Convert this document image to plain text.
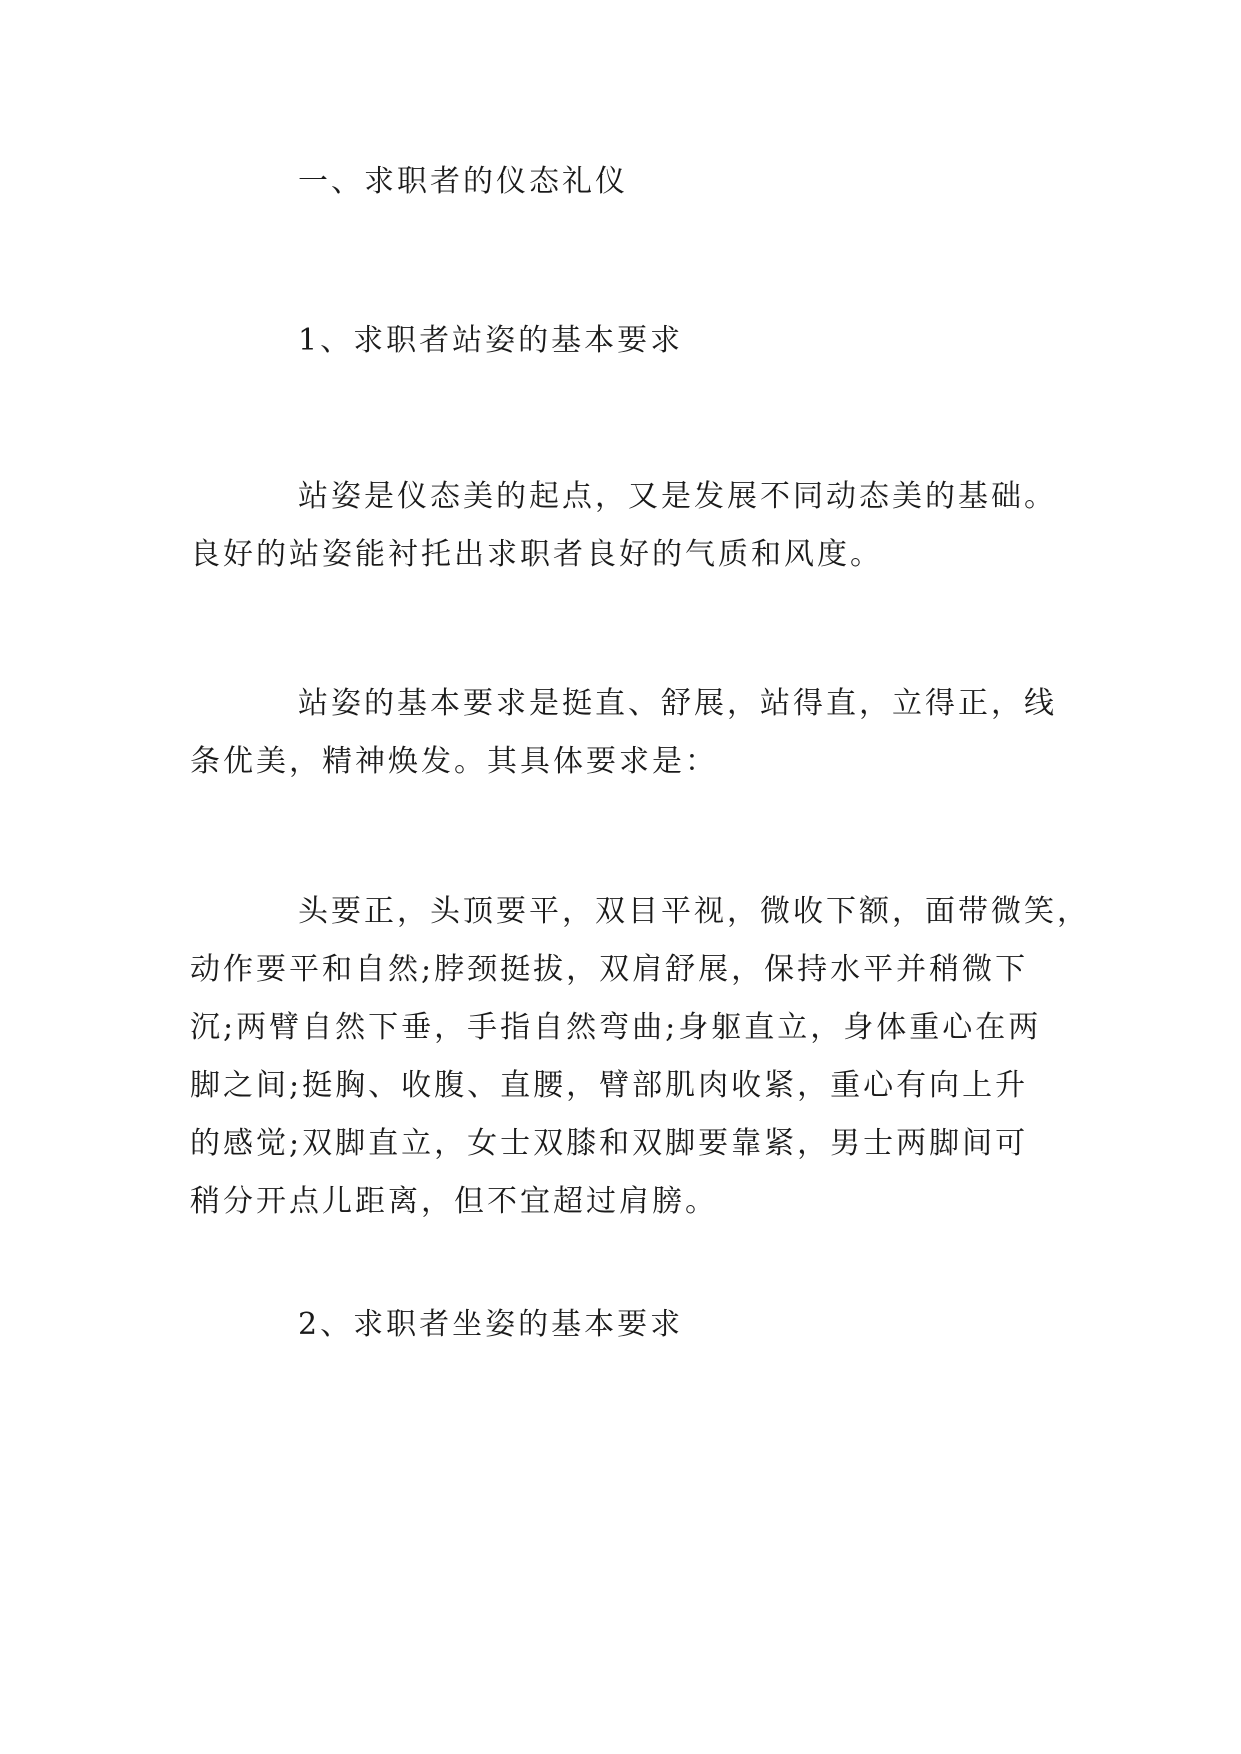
一、求职者的仪态礼仪
1、求职者站姿的基本要求
站姿是仪态美的起点，又是发展不同动态美的基础。
良好的站姿能衬托出求职者良好的气质和风度。
站姿的基本要求是挺直、舒展，站得直，立得正，线
条优美，精神焕发。其具体要求是：
头要正，头顶要平，双目平视，微收下额，面带微笑，
动作要平和自然;脖颈挺拔，双肩舒展，保持水平并稍微下
沉;两臂自然下垂，手指自然弯曲;身躯直立，身体重心在两
脚之间;挺胸、收腹、直腰，臂部肌肉收紧，重心有向上升
的感觉;双脚直立，女士双膝和双脚要靠紧，男士两脚间可
稍分开点儿距离，但不宜超过肩膀。
2、求职者坐姿的基本要求
